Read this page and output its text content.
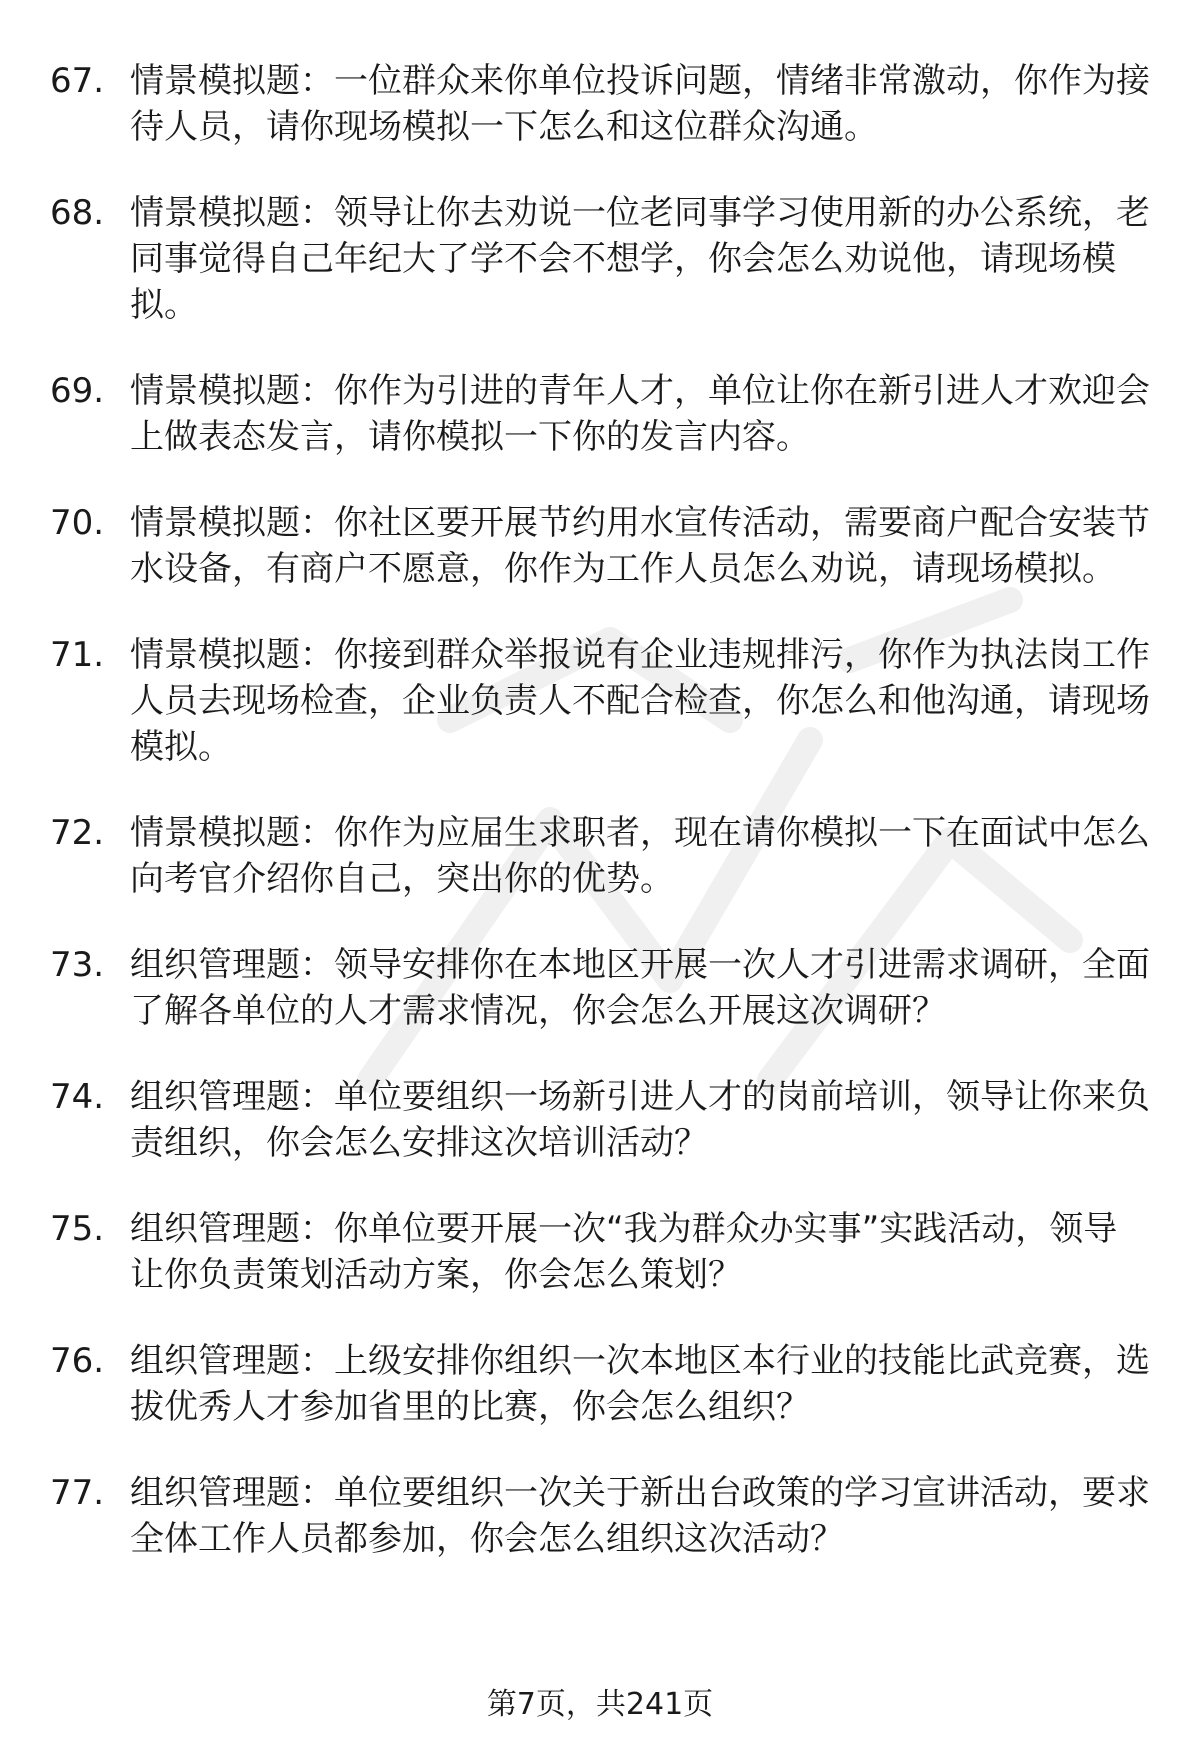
67. 情景模拟题：一位群众来你单位投诉问题，情绪非常激动，你作为接待人员，请你现场模拟一下怎么和这位群众沟通。
68. 情景模拟题：领导让你去劝说一位老同事学习使用新的办公系统，老同事觉得自己年纪大了学不会不想学，你会怎么劝说他，请现场模拟。
69. 情景模拟题：你作为引进的青年人才，单位让你在新引进人才欢迎会上做表态发言，请你模拟一下你的发言内容。
70. 情景模拟题：你社区要开展节约用水宣传活动，需要商户配合安装节水设备，有商户不愿意，你作为工作人员怎么劝说，请现场模拟。
71. 情景模拟题：你接到群众举报说有企业违规排污，你作为执法岗工作人员去现场检查，企业负责人不配合检查，你怎么和他沟通，请现场模拟。
72. 情景模拟题：你作为应届生求职者，现在请你模拟一下在面试中怎么向考官介绍你自己，突出你的优势。
73. 组织管理题：领导安排你在本地区开展一次人才引进需求调研，全面了解各单位的人才需求情况，你会怎么开展这次调研？
74. 组织管理题：单位要组织一场新引进人才的岗前培训，领导让你来负责组织，你会怎么安排这次培训活动？
75. 组织管理题：你单位要开展一次“我为群众办实事”实践活动，领导让你负责策划活动方案，你会怎么策划？
76. 组织管理题：上级安排你组织一次本地区本行业的技能比武竞赛，选拔优秀人才参加省里的比赛，你会怎么组织？
77. 组织管理题：单位要组织一次关于新出台政策的学习宣讲活动，要求全体工作人员都参加，你会怎么组织这次活动？
第7页，共241页
